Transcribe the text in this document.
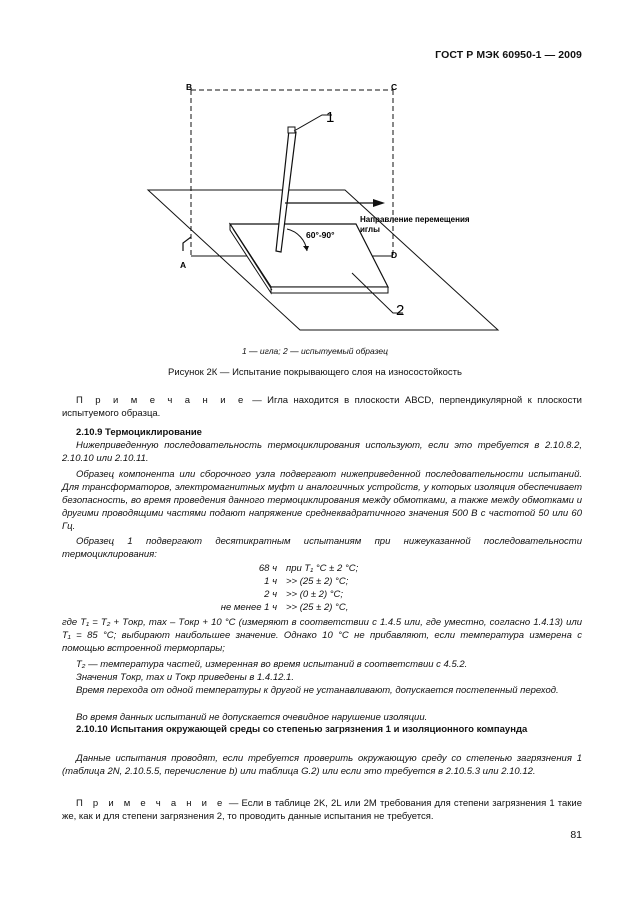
ГОСТ Р МЭК 60950-1 — 2009
B	C
A
D
1
2
60°-90°
Направление перемещения
иглы
1 — игла; 2 — испытуемый образец
Рисунок 2К — Испытание покрывающего слоя на износостойкость
П р и м е ч а н и е — Игла находится в плоскости ABCD, перпендикулярной к плоскости испытуемого образца.
2.10.9 Термоциклирование
Нижеприведенную последовательность термоциклирования используют, если это требуется в 2.10.8.2, 2.10.10 или 2.10.11.
Образец компонента или сборочного узла подвергают нижеприведенной последовательности испытаний. Для трансформаторов, электромагнитных муфт и аналогичных устройств, у которых изоляция обеспечивает безопасность, во время проведения данного термоциклирования между обмотками, а также между обмотками и другими проводящими частями подают напряжение среднеквадратичного значения 500 В с частотой 50 или 60 Гц.
Образец 1 подвергают десятикратным испытаниям при нижеуказанной последовательности термоциклирования:
68 ч при T₁ °C ± 2 °C;
1 ч >> (25 ± 2) °C;
2 ч >> (0 ± 2) °C;
не менее 1 ч >> (25 ± 2) °C,
где T₁ = T₂ + Tокр, max – Tокр + 10 °C (измеряют в соответствии с 1.4.5 или, где уместно, согласно 1.4.13) или T₁ = 85 °C; выбирают наибольшее значение. Однако 10 °C не прибавляют, если температура измерена с помощью встроенной терморпары;
T₂ — температура частей, измеренная во время испытаний в соответствии с 4.5.2.
Значения Tокр, max и Tокр приведены в 1.4.12.1.
Время перехода от одной температуры к другой не устанавливают, допускается постепенный переход.
Во время данных испытаний не допускается очевидное нарушение изоляции.
2.10.10 Испытания окружающей среды со степенью загрязнения 1 и изоляционного компаунда
Данные испытания проводят, если требуется проверить окружающую среду со степенью загрязнения 1 (таблица 2N, 2.10.5.5, перечисление b) или таблица G.2) или если это требуется в 2.10.5.3 или 2.10.12.
П р и м е ч а н и е — Если в таблице 2K, 2L или 2M требования для степени загрязнения 1 такие же, как и для степени загрязнения 2, то проводить данные испытания не требуется.
81
